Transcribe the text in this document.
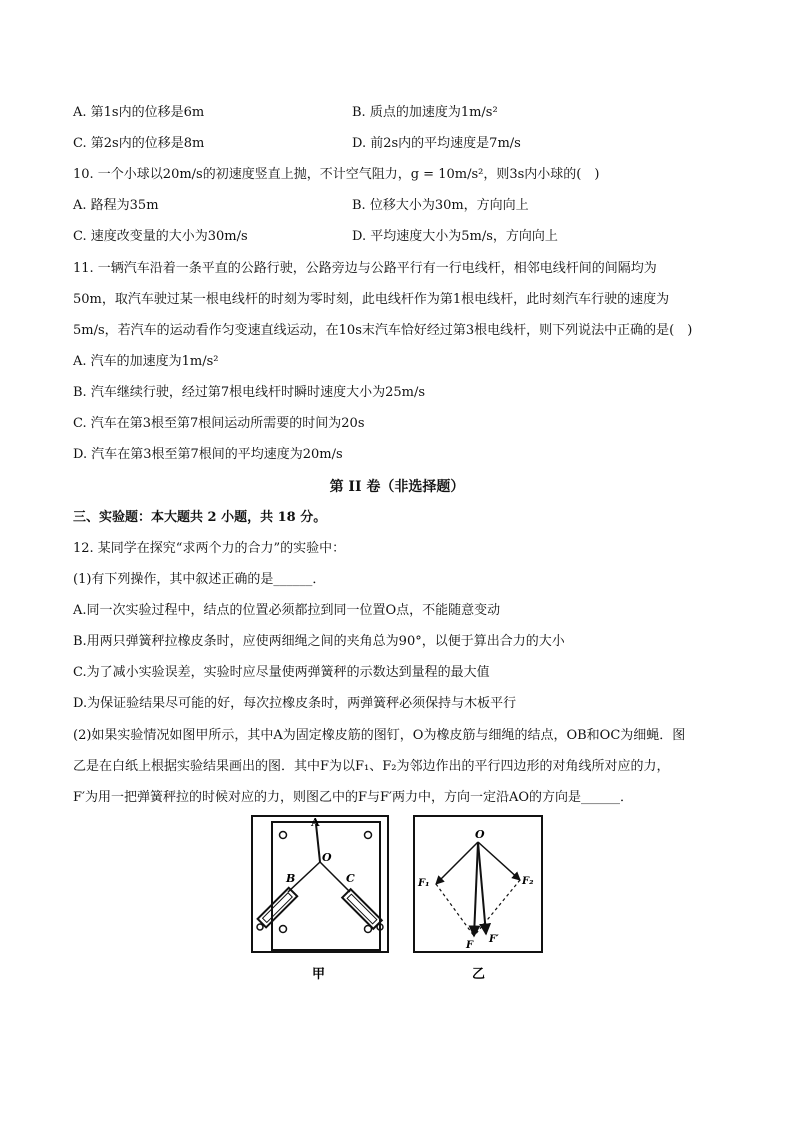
A. 第1s内的位移是6m	B. 质点的加速度为1m/s²
C. 第2s内的位移是8m	D. 前2s内的平均速度是7m/s
10. 一个小球以20m/s的初速度竖直上抛，不计空气阻力，g = 10m/s²，则3s内小球的(　)
A. 路程为35m	B. 位移大小为30m，方向向上
C. 速度改变量的大小为30m/s	D. 平均速度大小为5m/s，方向向上
11. 一辆汽车沿着一条平直的公路行驶，公路旁边与公路平行有一行电线杆，相邻电线杆间的间隔均为
50m，取汽车驶过某一根电线杆的时刻为零时刻，此电线杆作为第1根电线杆，此时刻汽车行驶的速度为
5m/s，若汽车的运动看作匀变速直线运动，在10s末汽车恰好经过第3根电线杆，则下列说法中正确的是(　)
A. 汽车的加速度为1m/s²
B. 汽车继续行驶，经过第7根电线杆时瞬时速度大小为25m/s
C. 汽车在第3根至第7根间运动所需要的时间为20s
D. 汽车在第3根至第7根间的平均速度为20m/s
第 II 卷（非选择题）
三、实验题：本大题共 2 小题，共 18 分。
12. 某同学在探究“求两个力的合力”的实验中：
(1)有下列操作，其中叙述正确的是______．
A.同一次实验过程中，结点的位置必须都拉到同一位置O点，不能随意变动
B.用两只弹簧秤拉橡皮条时，应使两细绳之间的夹角总为90°，以便于算出合力的大小
C.为了减小实验误差，实验时应尽量使两弹簧秤的示数达到量程的最大值
D.为保证验结果尽可能的好，每次拉橡皮条时，两弹簧秤必须保持与木板平行
(2)如果实验情况如图甲所示，其中A为固定橡皮筋的图钉，O为橡皮筋与细绳的结点，OB和OC为细蝇．图
乙是在白纸上根据实验结果画出的图．其中F为以F₁、F₂为邻边作出的平行四边形的对角线所对应的力，
F′为用一把弹簧秤拉的时候对应的力，则图乙中的F与F′两力中，方向一定沿AO的方向是______．
A
O
B	C
甲
O
F₁	F₂
F
F′
乙
